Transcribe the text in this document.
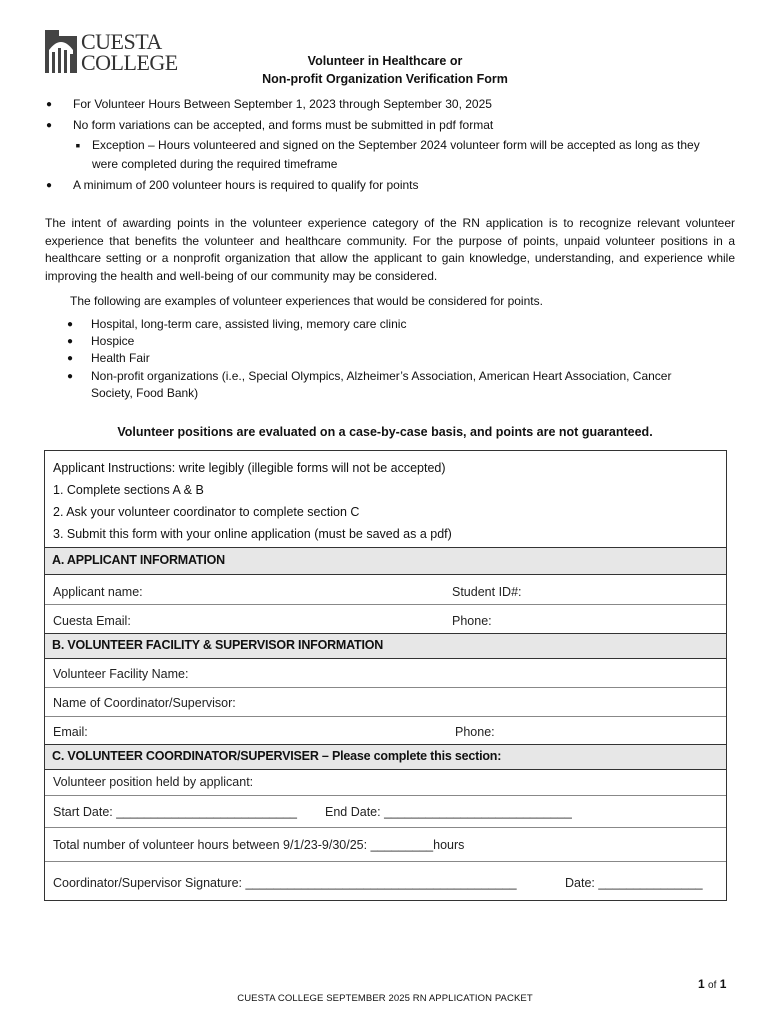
CUESTA
COLLEGE	Volunteer in Healthcare or
Non-profit Organization Verification Form
● For Volunteer Hours Between September 1, 2023 through September 30, 2025
● No form variations can be accepted, and forms must be submitted in pdf format
▪ Exception – Hours volunteered and signed on the September 2024 volunteer form will be accepted as long as they
were completed during the required timeframe
● A minimum of 200 volunteer hours is required to qualify for points
The intent of awarding points in the volunteer experience category of the RN application is to recognize relevant volunteer experience that benefits the volunteer and healthcare community. For the purpose of points, unpaid volunteer positions in a healthcare setting or a nonprofit organization that allow the applicant to gain knowledge, understanding, and experience while improving the health and well-being of our community may be considered.
The following are examples of volunteer experiences that would be considered for points.
● Hospital, long-term care, assisted living, memory care clinic
● Hospice
● Health Fair
● Non-profit organizations (i.e., Special Olympics, Alzheimer’s Association, American Heart Association, Cancer
Society, Food Bank)
Volunteer positions are evaluated on a case-by-case basis, and points are not guaranteed.
Applicant Instructions: write legibly (illegible forms will not be accepted)
1. Complete sections A & B
2. Ask your volunteer coordinator to complete section C
3. Submit this form with your online application (must be saved as a pdf)
A. APPLICANT INFORMATION
Applicant name:	Student ID#:
Cuesta Email:	Phone:
B. VOLUNTEER FACILITY & SUPERVISOR INFORMATION
Volunteer Facility Name:
Name of Coordinator/Supervisor:
Email:	Phone:
C. VOLUNTEER COORDINATOR/SUPERVISER – Please complete this section:
Volunteer position held by applicant:
Start Date: __________________________ End Date: ___________________________
Total number of volunteer hours between 9/1/23-9/30/25: _________hours
Coordinator/Supervisor Signature: _______________________________________	Date: _______________
1 of 1
CUESTA COLLEGE SEPTEMBER 2025 RN APPLICATION PACKET
